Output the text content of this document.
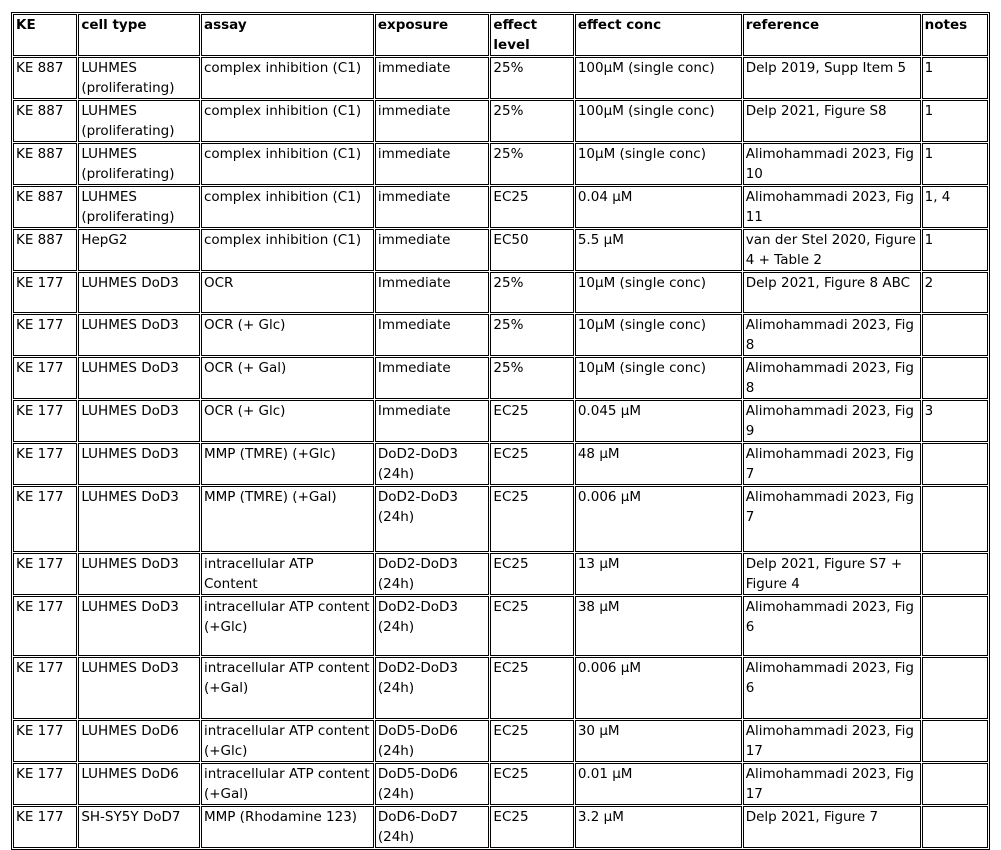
KE	cell type	assay	exposure	effect level	effect conc	reference	notes
KE 887	LUHMES (proliferating)	complex inhibition (C1)	immediate	25%	100µM (single conc)	Delp 2019, Supp Item 5	1
KE 887	LUHMES (proliferating)	complex inhibition (C1)	immediate	25%	100µM (single conc)	Delp 2021, Figure S8	1
KE 887	LUHMES (proliferating)	complex inhibition (C1)	immediate	25%	10µM (single conc)	Alimohammadi 2023, Fig 10	1
KE 887	LUHMES (proliferating)	complex inhibition (C1)	immediate	EC25	0.04 µM	Alimohammadi 2023, Fig 11	1, 4
KE 887	HepG2	complex inhibition (C1)	immediate	EC50	5.5 µM	van der Stel 2020, Figure 4 + Table 2	1
KE 177	LUHMES DoD3	OCR	Immediate	25%	10µM (single conc)	Delp 2021, Figure 8 ABC	2
KE 177	LUHMES DoD3	OCR (+ Glc)	Immediate	25%	10µM (single conc)	Alimohammadi 2023, Fig 8	
KE 177	LUHMES DoD3	OCR (+ Gal)	Immediate	25%	10µM (single conc)	Alimohammadi 2023, Fig 8	
KE 177	LUHMES DoD3	OCR (+ Glc)	Immediate	EC25	0.045 µM	Alimohammadi 2023, Fig 9	3
KE 177	LUHMES DoD3	MMP (TMRE) (+Glc)	DoD2-DoD3 (24h)	EC25	48 µM	Alimohammadi 2023, Fig 7	
KE 177	LUHMES DoD3	MMP (TMRE) (+Gal)	DoD2-DoD3 (24h)	EC25	0.006 µM	Alimohammadi 2023, Fig 7	
KE 177	LUHMES DoD3	intracellular ATP Content	DoD2-DoD3 (24h)	EC25	13 µM	Delp 2021, Figure S7 + Figure 4	
KE 177	LUHMES DoD3	intracellular ATP content (+Glc)	DoD2-DoD3 (24h)	EC25	38 µM	Alimohammadi 2023, Fig 6	
KE 177	LUHMES DoD3	intracellular ATP content (+Gal)	DoD2-DoD3 (24h)	EC25	0.006 µM	Alimohammadi 2023, Fig 6	
KE 177	LUHMES DoD6	intracellular ATP content (+Glc)	DoD5-DoD6 (24h)	EC25	30 µM	Alimohammadi 2023, Fig 17	
KE 177	LUHMES DoD6	intracellular ATP content (+Gal)	DoD5-DoD6 (24h)	EC25	0.01 µM	Alimohammadi 2023, Fig 17	
KE 177	SH-SY5Y DoD7	MMP (Rhodamine 123)	DoD6-DoD7 (24h)	EC25	3.2 µM	Delp 2021, Figure 7	
